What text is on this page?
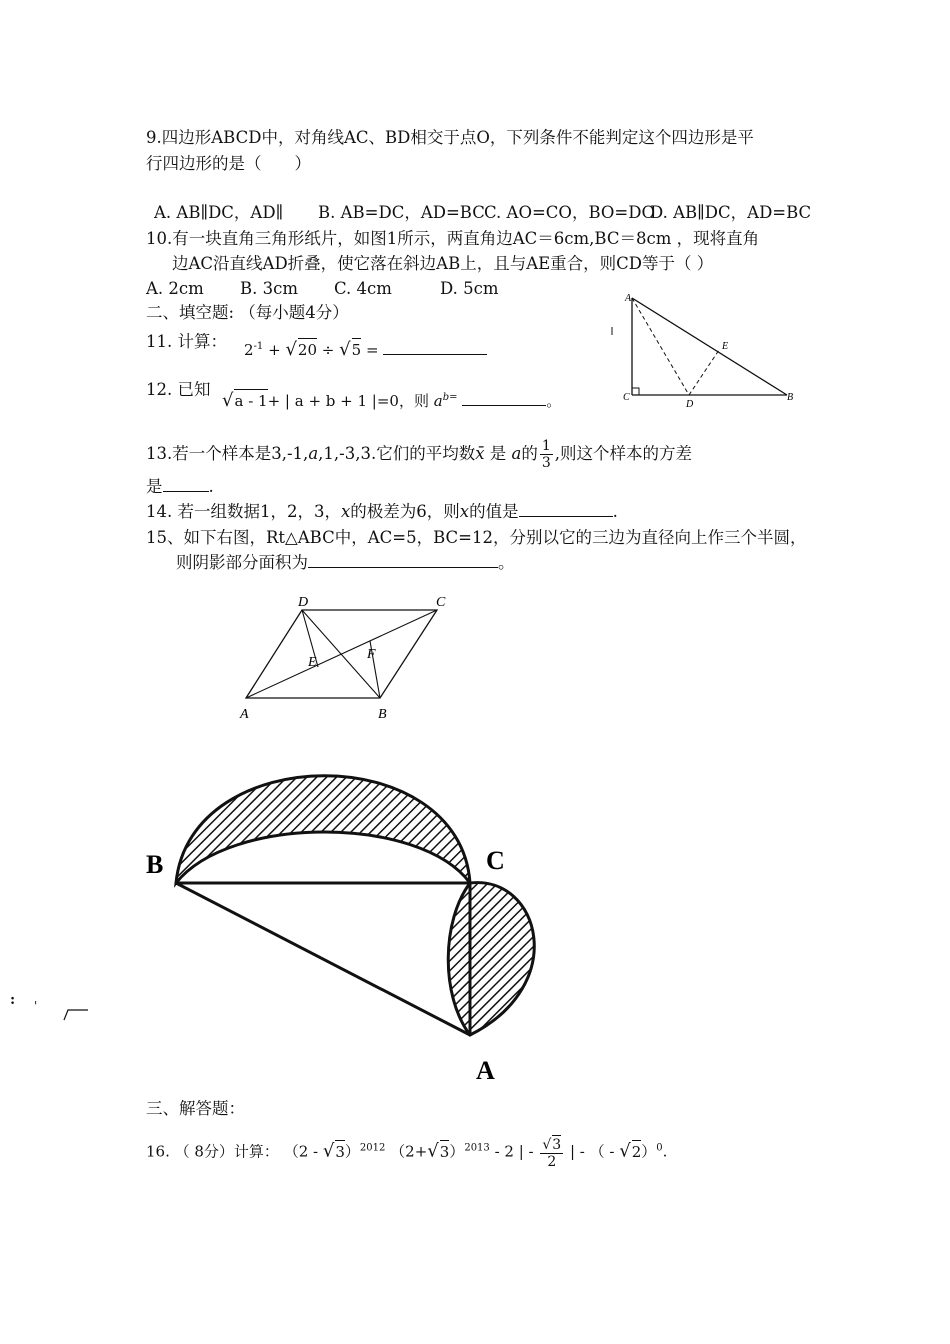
9.四边形ABCD中，对角线AC、BD相交于点O，下列条件不能判定这个四边形是平
行四边形的是（　　）
A. AB∥DC，AD∥ B. AB=DC，AD=BC C. AO=CO，BO=DO
D. AB∥DC，AD=BC
10.有一块直角三角形纸片，如图1所示，两直角边AC＝6cm,BC＝8cm ，现将直角
边AC沿直线AD折叠，使它落在斜边AB上，且与AE重合，则CD等于（ ）
A. 2cm B. 3cm C. 4cm	D. 5cm
二、填空题: （每小题4分）
11. 计算： $2^{-1} + √20 \div √5$ =
12. 已知
√a - 1+ | a + b + 1 |=0，则 $a^{b=}$	。
13.若一个样本是3,-1,a,1,-3,3.它们的平均数x̄ 是 a的 $\frac{1}{3}$ ,则这个样本的方差
是	.
14. 若一组数据1，2，3，x的极差为6，则x的值是	.
15、如下右图，Rt△ABC中，AC=5，BC=12，分别以它的三边为直径向上作三个半圆，
则阴影部分面积为	。
A
E
C
D
B
D	C
E
F
A	B
B	C
A
: '
三、解答题：
16. （ 8分）计算： （2 - √3）$^{2012}$ $(2+√3)^{2013} - 2$ | - $\frac{√3}{2}$ | - （ - √2）$^0$.
